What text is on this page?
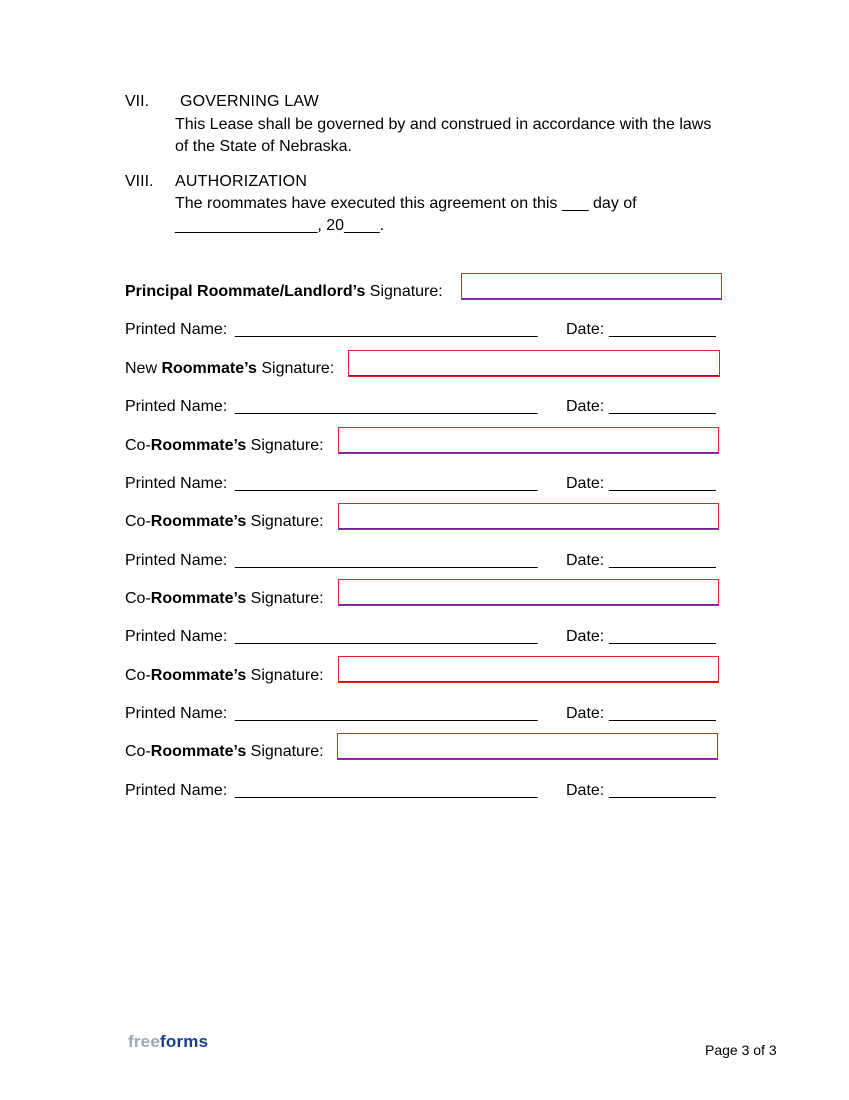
VII. GOVERNING LAW
This Lease shall be governed by and construed in accordance with the laws of the State of Nebraska.
VIII. AUTHORIZATION
The roommates have executed this agreement on this ___ day of
________________, 20____.
Principal Roommate/Landlord’s Signature:
Printed Name: __________________________________ Date: ____________
New Roommate’s Signature:
Printed Name: __________________________________ Date: ____________
Co-Roommate’s Signature:
Printed Name: __________________________________ Date: ____________
Co-Roommate’s Signature:
Printed Name: __________________________________ Date: ____________
Co-Roommate’s Signature:
Printed Name: __________________________________ Date: ____________
Co-Roommate’s Signature:
Printed Name: __________________________________ Date: ____________
Co-Roommate’s Signature:
Printed Name: __________________________________ Date: ____________
freeforms	Page 3 of 3
